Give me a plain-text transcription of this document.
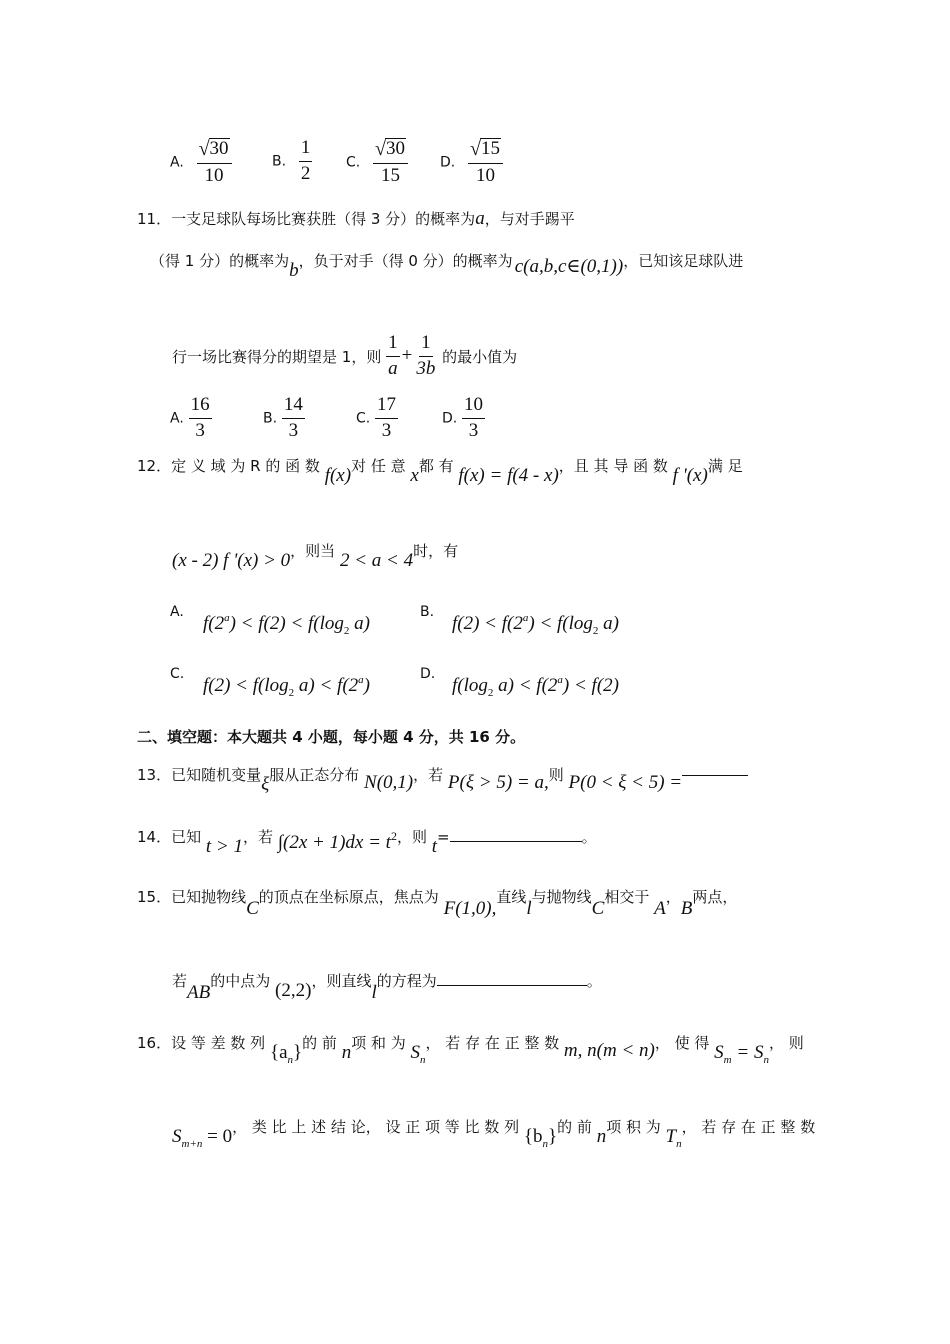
A. $\frac{√ 30}{10}$	B. $\frac{1}{2} C$. $\frac{√ 30}{15} D$. $\frac{√ 15}{10}$
11．一支足球队每场比赛获胜（得 3 分）的概率为a，与对手踢平
（得 1 分）的概率为b，负于对手（得 0 分）的概率为 c(a,b,c∈(0,1))，已知该足球队进
行一场比赛得分的期望是 1，则 $\frac{1}{a} + \frac{1}{3b}$ 的最小值为
A. $\frac{16}{3}$	B. $\frac{14}{3}$	C. $\frac{17}{3}$	D. $\frac{10}{3}$
12．定 义 域 为 R 的 函 数 f(x)对 任 意 x都 有 f(x) = f(4 - x)，且 其 导 函 数 f '(x)满 足
(x - 2) f '(x) > 0，则当 2 < a < 4时，有
A.
$f(2^a) < f(2) < f(\log_2$ a)
B.
$f(2) < f(2^a) < f(\log_2$ a)
C.
$f(2) < f(\log_2$ $a) < f(2^a)$
D.
$f(\log_2$ $a) < f(2^a) < f(2)$
二、填空题：本大题共 4 小题，每小题 4 分，共 16 分。
13．已知随机变量ξ服从正态分布 N(0,1)，若 P(ξ > 5) = a,则 P(0 < ξ < 5) =
14．已知 t > 1，若 $\int(2x + 1)dx = t^2$，则 t=	。
15．已知抛物线C的顶点在坐标原点，焦点为 F(1,0),直线l与抛物线C相交于 A，B两点，
若AB的中点为 (2,2)，则直线l的方程为	。
16．设 等 差 数 列 $\{a_n\}$的 前 n项 和 为 $S_n$， 若 存 在 正 整 数 m, n(m < n)， 使 得 $S_m = S_n$， 则
$S_{m+n} = 0$， 类 比 上 述 结 论， 设 正 项 等 比 数 列 $\{b_n\}$的 前 n项 积 为 $T_n$， 若 存 在 正 整 数
